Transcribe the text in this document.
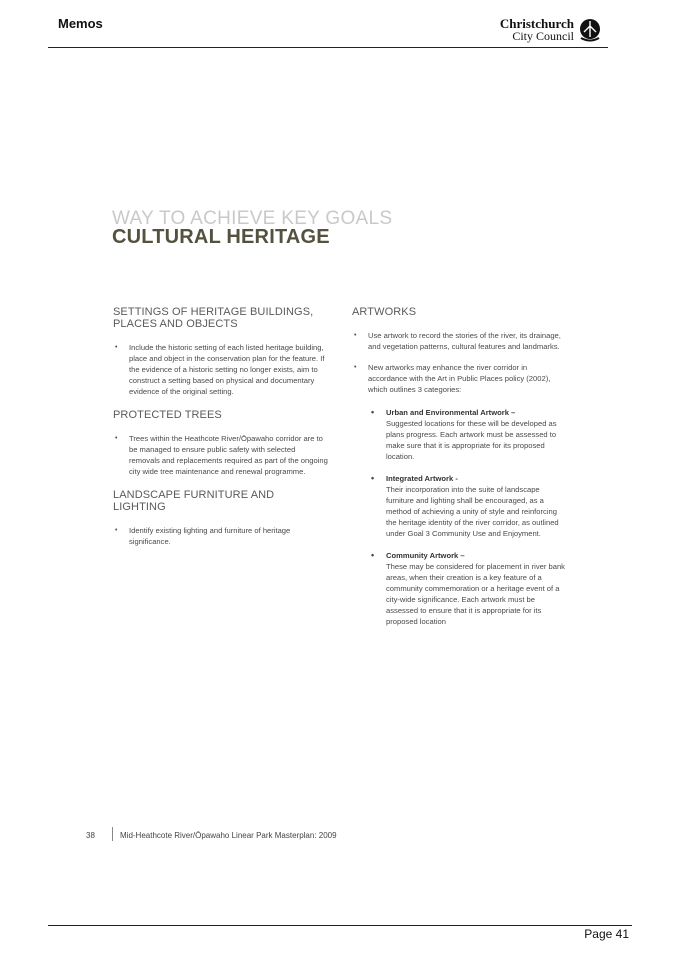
Memos	Christchurch
City Council
WAY TO ACHIEVE KEY GOALS
CULTURAL HERITAGE
SETTINGS OF HERITAGE BUILDINGS,
PLACES AND OBJECTS
• Include the historic setting of each listed heritage building, place and object in the conservation plan for the feature. If the evidence of a historic setting no longer exists, aim to construct a setting based on physical and documentary evidence of the original setting.
PROTECTED TREES
• Trees within the Heathcote River/Ōpawaho corridor are to be managed to ensure public safety with selected removals and replacements required as part of the ongoing city wide tree maintenance and renewal programme.
LANDSCAPE FURNITURE AND LIGHTING
• Identify existing lighting and furniture of heritage significance.
ARTWORKS
• Use artwork to record the stories of the river, its drainage, and vegetation patterns, cultural features and landmarks.
• New artworks may enhance the river corridor in accordance with the Art in Public Places policy (2002), which outlines 3 categories:
• Urban and Environmental Artwork –
Suggested locations for these will be developed as plans progress. Each artwork must be assessed to make sure that it is appropriate for its proposed location.
• Integrated Artwork -
Their incorporation into the suite of landscape furniture and lighting shall be encouraged, as a method of achieving a unity of style and reinforcing the heritage identity of the river corridor, as outlined under Goal 3 Community Use and Enjoyment.
• Community Artwork –
These may be considered for placement in river bank areas, when their creation is a key feature of a community commemoration or a heritage event of a city-wide significance. Each artwork must be assessed to ensure that it is appropriate for its proposed location
38	Mid-Heathcote River/Ōpawaho Linear Park Masterplan: 2009
Page 41
